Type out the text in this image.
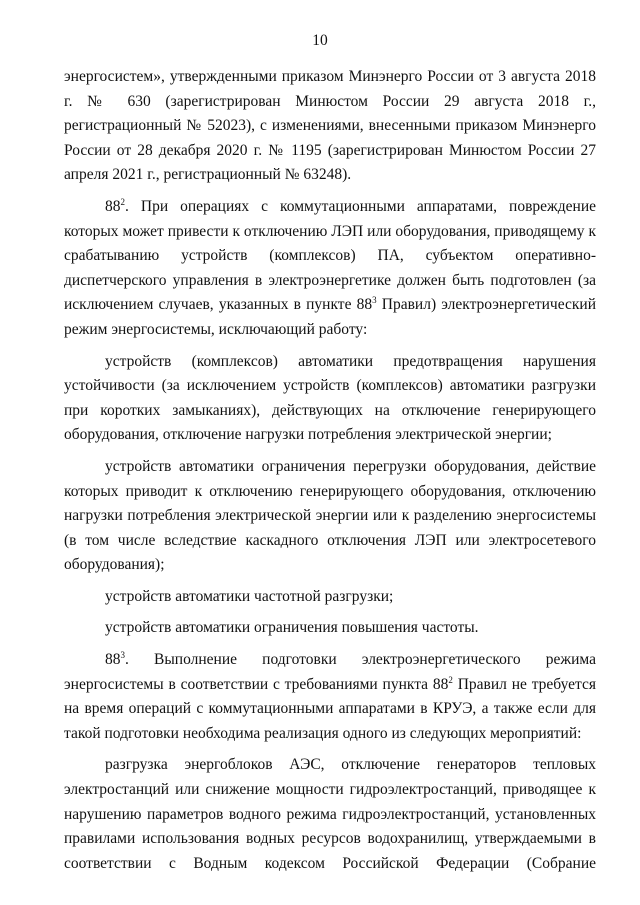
10

энергосистем», утвержденными приказом Минэнерго России от 3 августа 2018 г. № 630 (зарегистрирован Минюстом России 29 августа 2018 г., регистрационный № 52023), с изменениями, внесенными приказом Минэнерго России от 28 декабря 2020 г. № 1195 (зарегистрирован Минюстом России 27 апреля 2021 г., регистрационный № 63248).

$88^2$. При операциях с коммутационными аппаратами, повреждение которых может привести к отключению ЛЭП или оборудования, приводящему к срабатыванию устройств (комплексов) ПА, субъектом оперативно-диспетчерского управления в электроэнергетике должен быть подготовлен (за исключением случаев, указанных в пункте $88^3$ Правил) электроэнергетический режим энергосистемы, исключающий работу:

устройств (комплексов) автоматики предотвращения нарушения устойчивости (за исключением устройств (комплексов) автоматики разгрузки при коротких замыканиях), действующих на отключение генерирующего оборудования, отключение нагрузки потребления электрической энергии;

устройств автоматики ограничения перегрузки оборудования, действие которых приводит к отключению генерирующего оборудования, отключению нагрузки потребления электрической энергии или к разделению энергосистемы (в том числе вследствие каскадного отключения ЛЭП или электросетевого оборудования);

устройств автоматики частотной разгрузки;

устройств автоматики ограничения повышения частоты.

$88^3$. Выполнение подготовки электроэнергетического режима энергосистемы в соответствии с требованиями пункта $88^2$ Правил не требуется на время операций с коммутационными аппаратами в КРУЭ, а также если для такой подготовки необходима реализация одного из следующих мероприятий:

разгрузка энергоблоков АЭС, отключение генераторов тепловых электростанций или снижение мощности гидроэлектростанций, приводящее к нарушению параметров водного режима гидроэлектростанций, установленных правилами использования водных ресурсов водохранилищ, утверждаемыми в соответствии с Водным кодексом Российской Федерации (Собрание
